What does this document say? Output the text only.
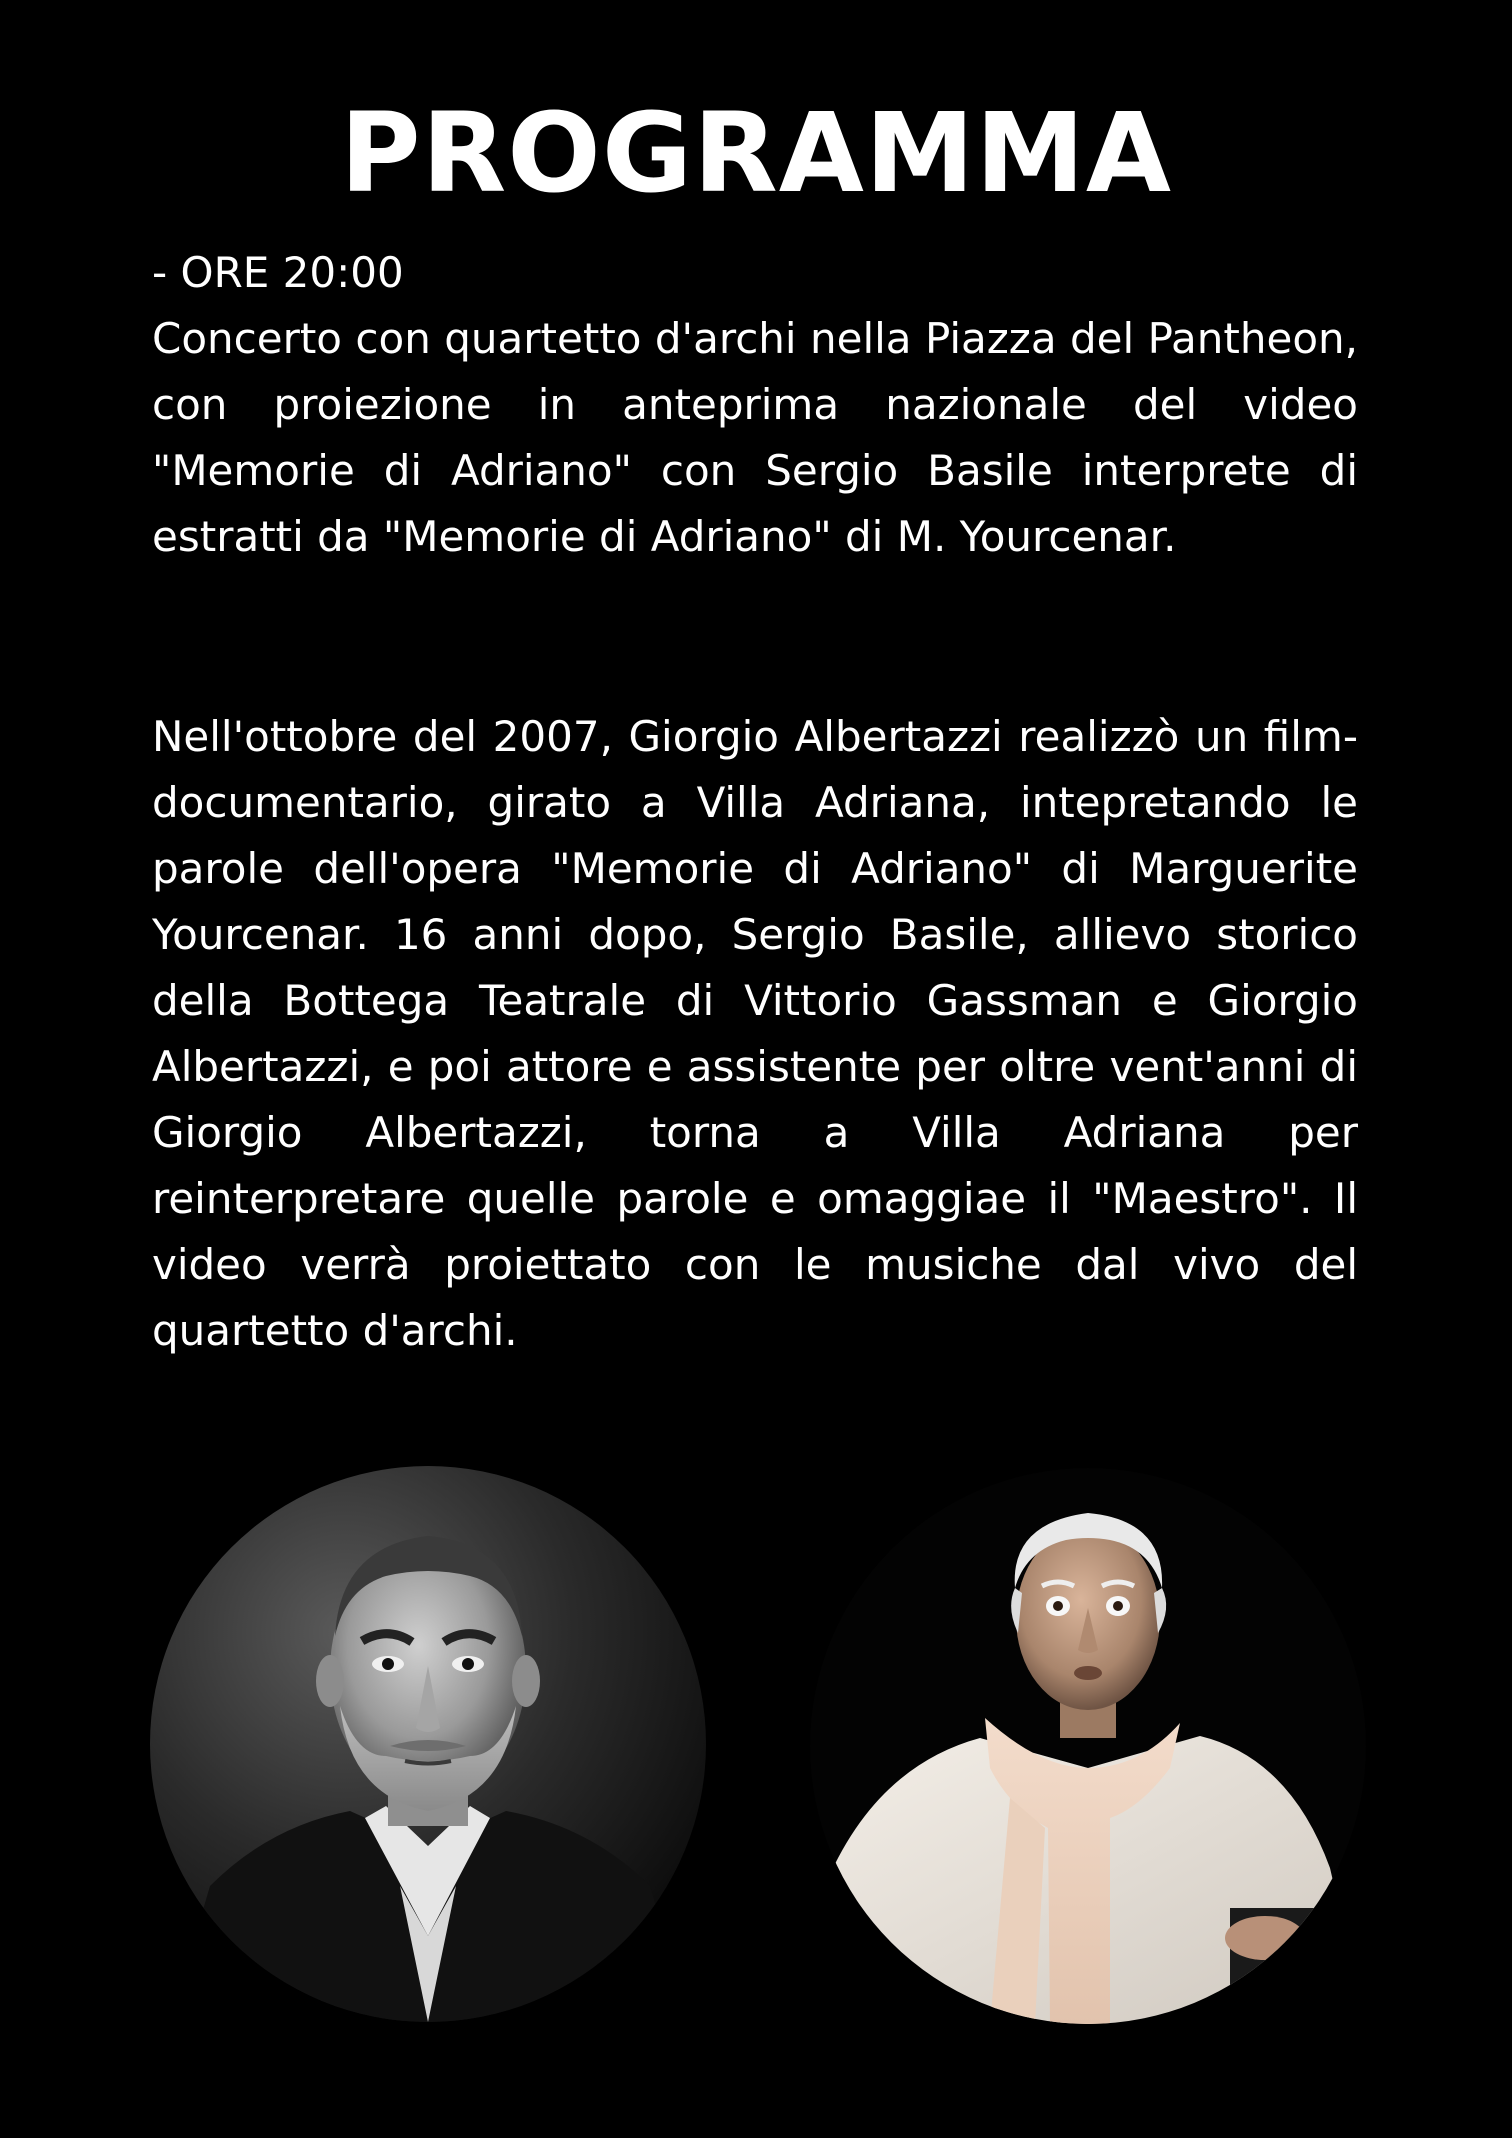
PROGRAMMA

- ORE 20:00

Concerto con quartetto d'archi nella Piazza del Pantheon, con proiezione in anteprima nazionale del video "Memorie di Adriano" con Sergio Basile interprete di estratti da "Memorie di Adriano" di M. Yourcenar.

Nell'ottobre del 2007, Giorgio Albertazzi realizzò un film-documentario, girato a Villa Adriana, intepretando le parole dell'opera "Memorie di Adriano" di Marguerite Yourcenar. 16 anni dopo, Sergio Basile, allievo storico della Bottega Teatrale di Vittorio Gassman e Giorgio Albertazzi, e poi attore e assistente per oltre vent'anni di Giorgio Albertazzi, torna a Villa Adriana per reinterpretare quelle parole e omaggiae il "Maestro". Il video verrà proiettato con le musiche dal vivo del quartetto d'archi.
